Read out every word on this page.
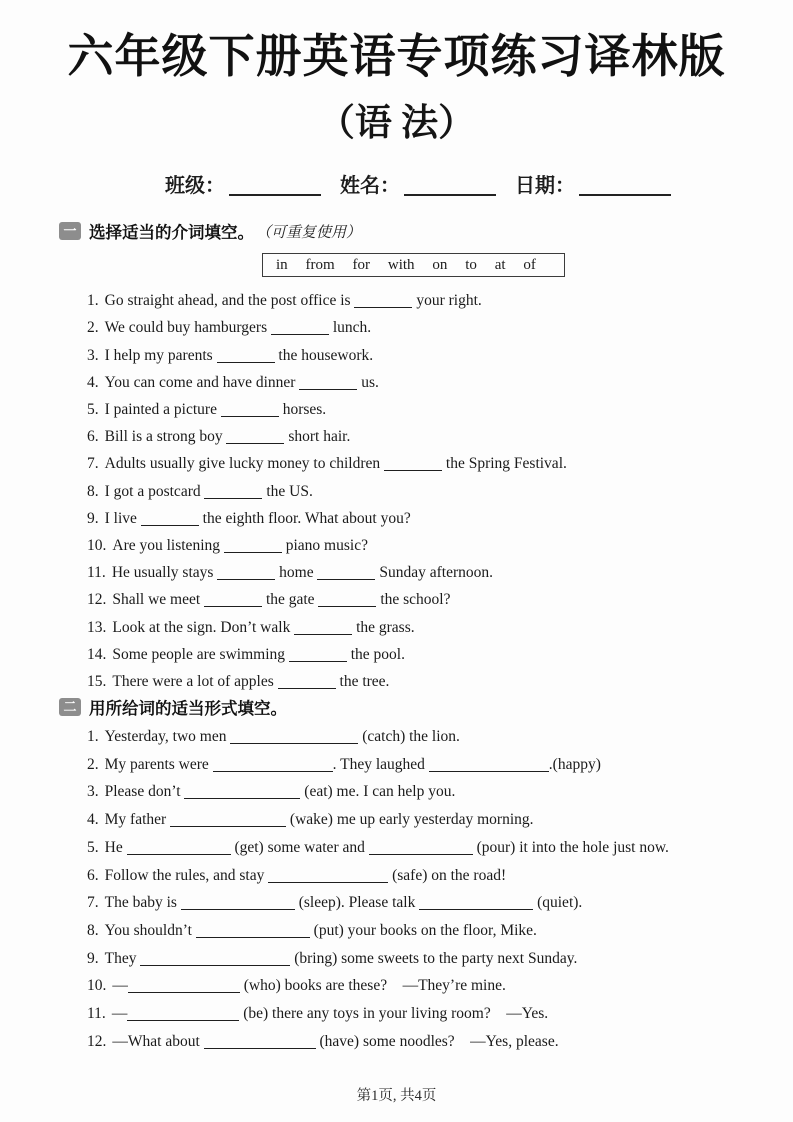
六年级下册英语专项练习译林版
（语 法）
班级：	姓名：	日期：
一 选择适当的介词填空。 （可重复使用）
in from for with on to at of
1. Go straight ahead, and the post office is	your right.
2. We could buy hamburgers	lunch.
3. I help my parents	the housework.
4. You can come and have dinner	us.
5. I painted a picture	horses.
6. Bill is a strong boy	short hair.
7. Adults usually give lucky money to children	the Spring Festival.
8. I got a postcard	the US.
9. I live	the eighth floor. What about you?
10. Are you listening	piano music?
11. He usually stays	home	Sunday afternoon.
12. Shall we meet	the gate	the school?
13. Look at the sign. Don’t walk	the grass.
14. Some people are swimming	the pool.
15. There were a lot of apples	the tree.
二 用所给词的适当形式填空。
1. Yesterday, two men	(catch) the lion.
2. My parents were	. They laughed	.(happy)
3. Please don’t	(eat) me. I can help you.
4. My father	(wake) me up early yesterday morning.
5. He	(get) some water and	(pour) it into the hole just now.
6. Follow the rules, and stay	(safe) on the road!
7. The baby is	(sleep). Please talk	(quiet).
8. You shouldn’t	(put) your books on the floor, Mike.
9. They	(bring) some sweets to the party next Sunday.
10. —	(who) books are these? —They’re mine.
11. —	(be) there any toys in your living room? —Yes.
12. —What about	(have) some noodles? —Yes, please.
第1页, 共4页
